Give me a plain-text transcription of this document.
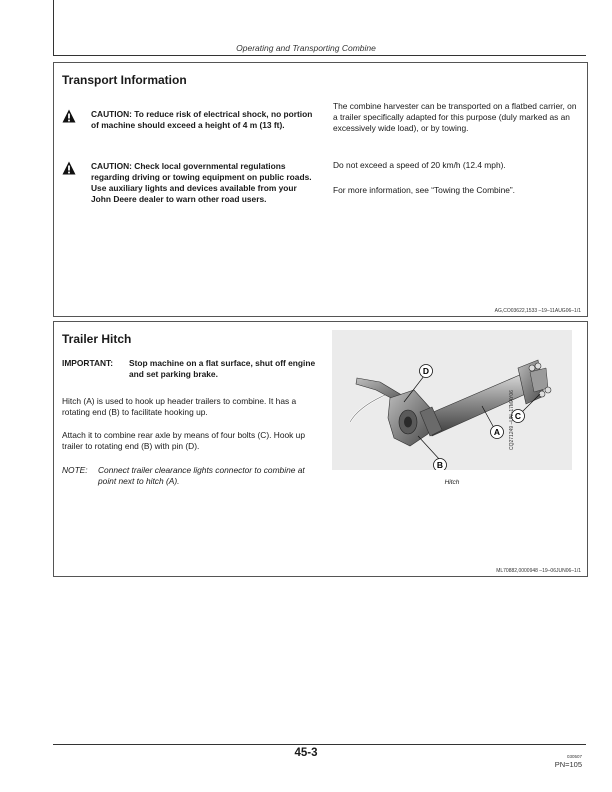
Operating and Transporting Combine
Transport Information
CAUTION: To reduce risk of electrical shock, no portion of machine should exceed a height of 4 m (13 ft).
CAUTION: Check local governmental regulations regarding driving or towing equipment on public roads. Use auxiliary lights and devices available from your John Deere dealer to warn other road users.
The combine harvester can be transported on a flatbed carrier, on a trailer specifically adapted for this purpose (duly marked as an excessively wide load), or by towing.
Do not exceed a speed of 20 km/h (12.4 mph).
For more information, see “Towing the Combine”.
AG,CO03622,1533 –19–11AUG06–1/1
Trailer Hitch
IMPORTANT: Stop machine on a flat surface, shut off engine and set parking brake.
Hitch (A) is used to hook up header trailers to combine. It has a rotating end (B) to facilitate hooking up.
Attach it to combine rear axle by means of four bolts (C). Hook up trailer to rotating end (B) with pin (D).
NOTE: Connect trailer clearance lights connector to combine at point next to hitch (A).
D
A
C
B
CQ271249 –UN–17MAY06
Hitch
ML70882,0000948 –19–06JUN06–1/1
45-3	030507
PN=105
